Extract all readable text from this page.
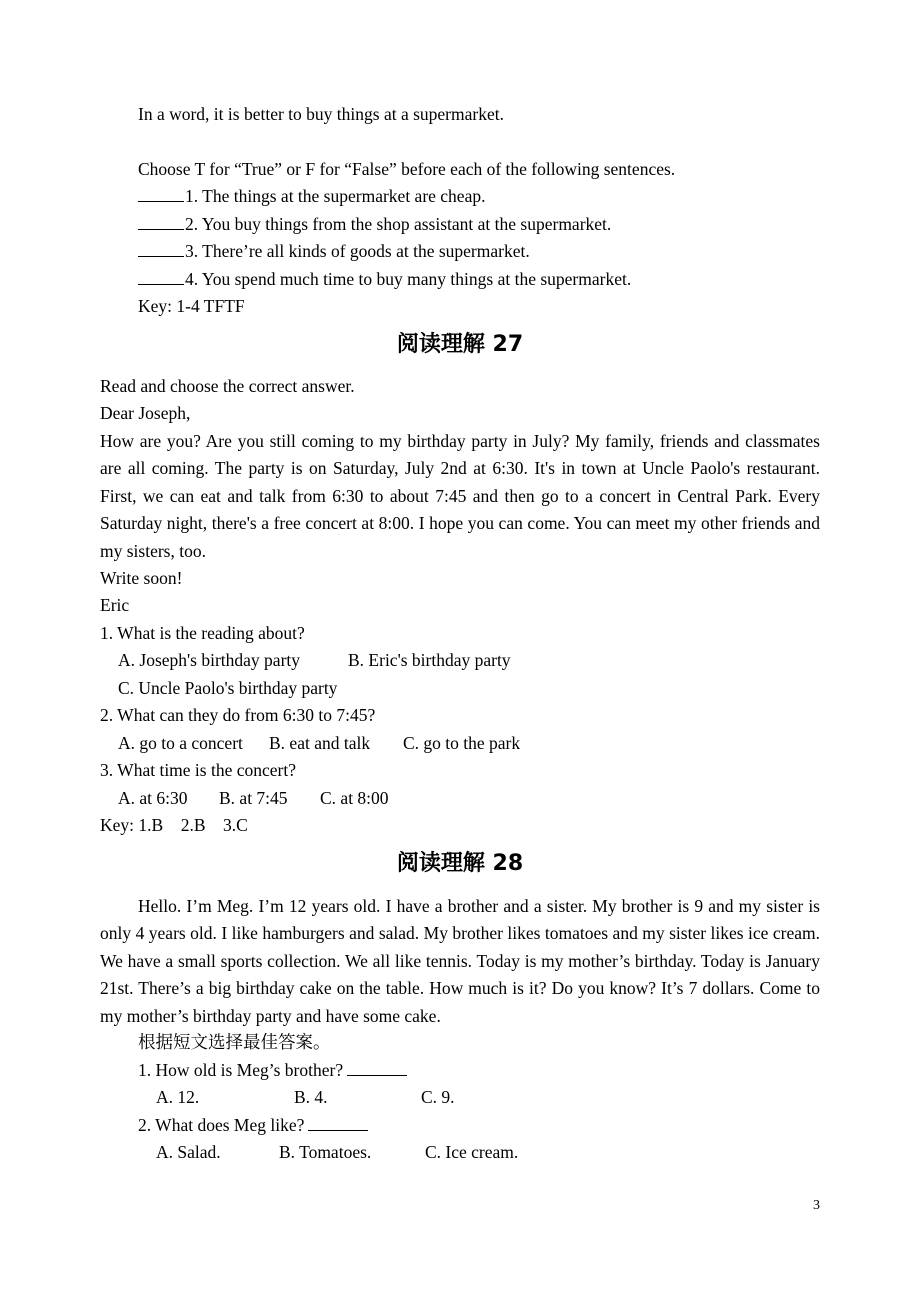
In a word, it is better to buy things at a supermarket.
Choose T for “True” or F for “False” before each of the following sentences.
1. The things at the supermarket are cheap.
2. You buy things from the shop assistant at the supermarket.
3. There’re all kinds of goods at the supermarket.
4. You spend much time to buy many things at the supermarket.
Key: 1-4 TFTF
阅读理解 27
Read and choose the correct answer.
Dear Joseph,
How are you? Are you still coming to my birthday party in July? My family, friends and classmates are all coming. The party is on Saturday, July 2nd at 6:30. It's in town at Uncle Paolo's restaurant. First, we can eat and talk from 6:30 to about 7:45 and then go to a concert in Central Park. Every Saturday night, there's a free concert at 8:00. I hope you can come. You can meet my other friends and my sisters, too.
Write soon!
Eric
1. What is the reading about?
A. Joseph's birthday party	B. Eric's birthday party
C. Uncle Paolo's birthday party
2. What can they do from 6:30 to 7:45?
A. go to a concert B. eat and talk C. go to the park
3. What time is the concert?
A. at 6:30 B. at 7:45 C. at 8:00
Key: 1.B    2.B    3.C
阅读理解 28
Hello. I’m Meg. I’m 12 years old. I have a brother and a sister. My brother is 9 and my sister is only 4 years old. I like hamburgers and salad. My brother likes tomatoes and my sister likes ice cream. We have a small sports collection. We all like tennis. Today is my mother’s birthday. Today is January 21st. There’s a big birthday cake on the table. How much is it? Do you know? It’s 7 dollars. Come to my mother’s birthday party and have some cake.
根据短文选择最佳答案。
1. How old is Meg’s brother?
A. 12.	B. 4.	C. 9.
2. What does Meg like?
A. Salad.	B. Tomatoes.	C. Ice cream.
3
